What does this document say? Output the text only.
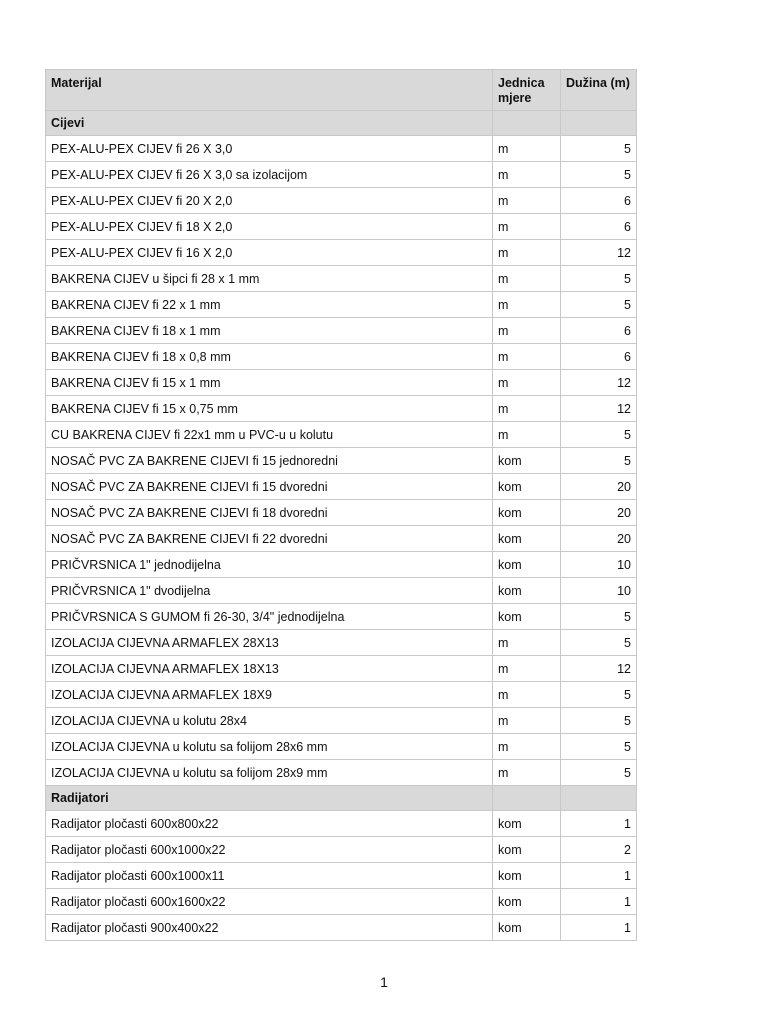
Materijal	Jednica mjere	Dužina (m)
Cijevi		
PEX-ALU-PEX CIJEV fi 26 X 3,0	m	5
PEX-ALU-PEX CIJEV fi 26 X 3,0 sa izolacijom	m	5
PEX-ALU-PEX CIJEV fi 20 X 2,0	m	6
PEX-ALU-PEX CIJEV fi 18 X 2,0	m	6
PEX-ALU-PEX CIJEV fi 16 X 2,0	m	12
BAKRENA CIJEV u šipci fi 28 x 1 mm	m	5
BAKRENA CIJEV fi 22 x 1 mm	m	5
BAKRENA CIJEV fi 18 x 1 mm	m	6
BAKRENA CIJEV fi 18 x 0,8 mm	m	6
BAKRENA CIJEV fi 15 x 1 mm	m	12
BAKRENA CIJEV fi 15 x 0,75 mm	m	12
CU BAKRENA CIJEV fi 22x1 mm u PVC-u u kolutu	m	5
NOSAČ PVC ZA BAKRENE CIJEVI fi 15 jednoredni	kom	5
NOSAČ PVC ZA BAKRENE CIJEVI fi 15 dvoredni	kom	20
NOSAČ PVC ZA BAKRENE CIJEVI fi 18 dvoredni	kom	20
NOSAČ PVC ZA BAKRENE CIJEVI fi 22 dvoredni	kom	20
PRIČVRSNICA 1" jednodijelna	kom	10
PRIČVRSNICA 1" dvodijelna	kom	10
PRIČVRSNICA S GUMOM fi 26-30, 3/4" jednodijelna	kom	5
IZOLACIJA CIJEVNA ARMAFLEX 28X13	m	5
IZOLACIJA CIJEVNA ARMAFLEX 18X13	m	12
IZOLACIJA CIJEVNA ARMAFLEX 18X9	m	5
IZOLACIJA CIJEVNA u kolutu 28x4	m	5
IZOLACIJA CIJEVNA u kolutu sa folijom 28x6 mm	m	5
IZOLACIJA CIJEVNA u kolutu sa folijom 28x9 mm	m	5
Radijatori		
Radijator pločasti 600x800x22	kom	1
Radijator pločasti 600x1000x22	kom	2
Radijator pločasti 600x1000x11	kom	1
Radijator pločasti 600x1600x22	kom	1
Radijator pločasti 900x400x22	kom	1
1
